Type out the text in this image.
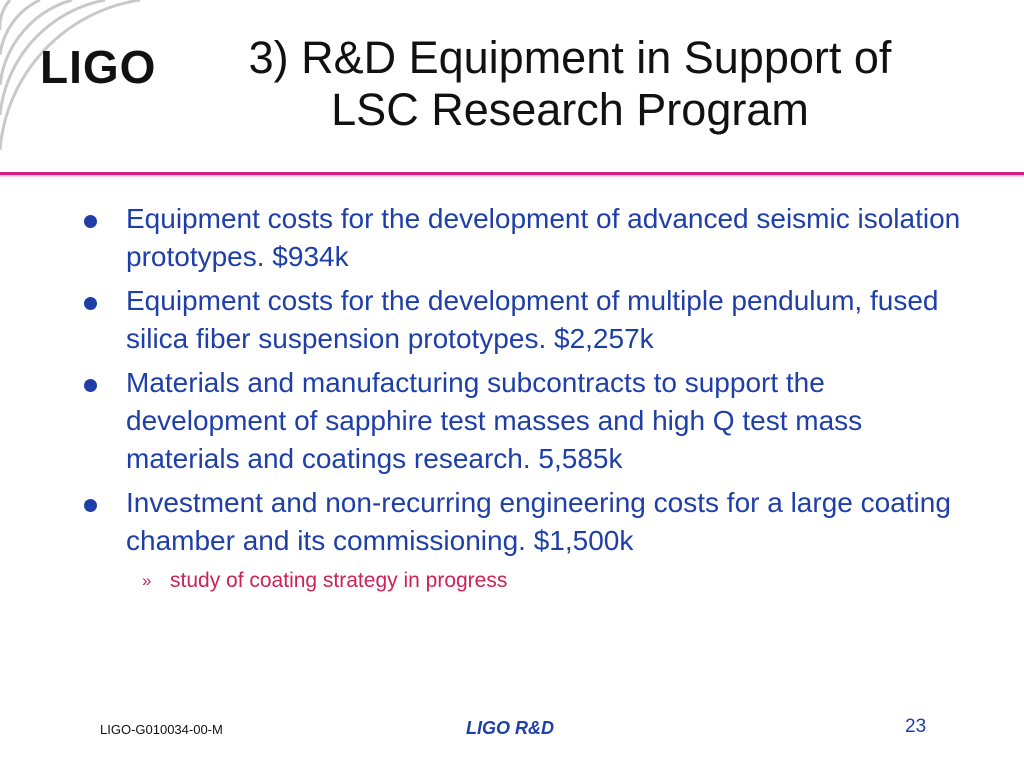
LIGO	3) R&D Equipment in Support of
LSC Research Program
Equipment costs for the development of advanced seismic isolation prototypes. $934k
Equipment costs for the development of multiple pendulum, fused silica fiber suspension prototypes. $2,257k
Materials and manufacturing subcontracts to support the development of sapphire test masses and high Q test mass materials and coatings research. 5,585k
Investment and non-recurring engineering costs for a large coating chamber and its commissioning. $1,500k
» study of coating strategy in progress
LIGO-G010034-00-M	LIGO R&D	23
